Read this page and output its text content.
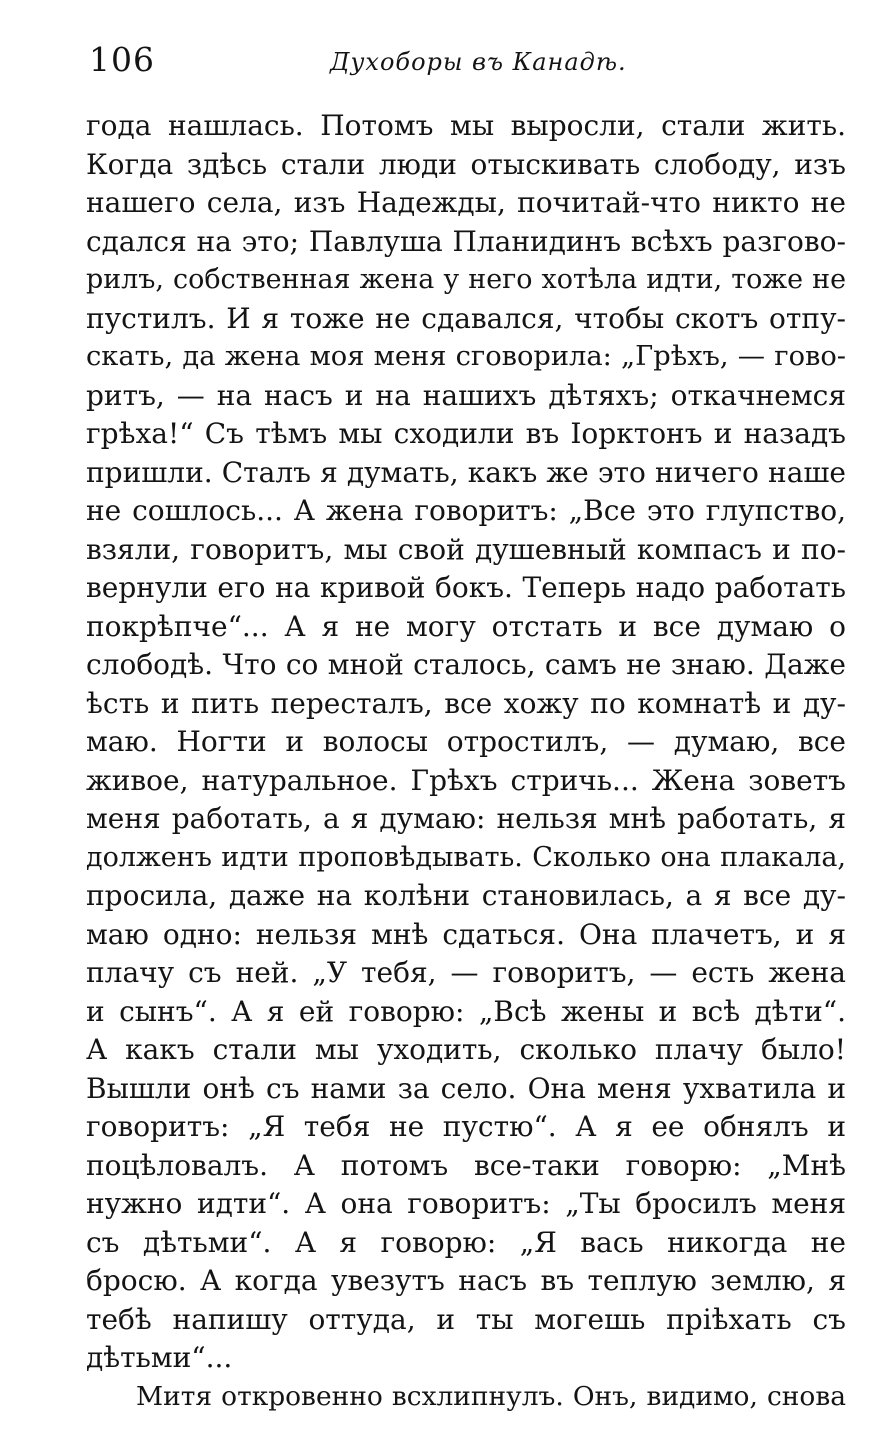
106	Духоборы въ Канадѣ.
года нашлась. Потомъ мы выросли, стали жить.
Когда здѣсь стали люди отыскивать слободу, изъ
нашего села, изъ Надежды, почитай-что никто не
сдался на это; Павлуша Планидинъ всѣхъ разгово-
рилъ, собственная жена у него хотѣла идти, тоже не
пустилъ. И я тоже не сдавался, чтобы скотъ отпу-
скать, да жена моя меня сговорила: „Грѣхъ, — гово-
ритъ, — на насъ и на нашихъ дѣтяхъ; откачнемся
грѣха!“ Съ тѣмъ мы сходили въ Іорктонъ и назадъ
пришли. Сталъ я думать, какъ же это ничего наше
не сошлось... А жена говоритъ: „Все это глупство,
взяли, говоритъ, мы свой душевный компасъ и по-
вернули его на кривой бокъ. Теперь надо работать
покрѣпче“... А я не могу отстать и все думаю о
слободѣ. Что со мной сталось, самъ не знаю. Даже
ѣсть и пить пересталъ, все хожу по комнатѣ и ду-
маю. Ногти и волосы отростилъ, — думаю, все
живое, натуральное. Грѣхъ стричь... Жена зоветъ
меня работать, а я думаю: нельзя мнѣ работать, я
долженъ идти проповѣдывать. Сколько она плакала,
просила, даже на колѣни становилась, а я все ду-
маю одно: нельзя мнѣ сдаться. Она плачетъ, и я
плачу съ ней. „У тебя, — говоритъ, — есть жена
и сынъ“. А я ей говорю: „Всѣ жены и всѣ дѣти“.
А какъ стали мы уходить, сколько плачу было!
Вышли онѣ съ нами за село. Она меня ухватила и
говоритъ: „Я тебя не пустю“. А я ее обнялъ и
поцѣловалъ. А потомъ все-таки говорю: „Мнѣ
нужно идти“. А она говоритъ: „Ты бросилъ меня
съ дѣтьми“. А я говорю: „Я вась никогда не
бросю. А когда увезутъ насъ въ теплую землю, я
тебѣ напишу оттуда, и ты могешь пріѣхать съ
дѣтьми“...
Митя откровенно всхлипнулъ. Онъ, видимо, снова
